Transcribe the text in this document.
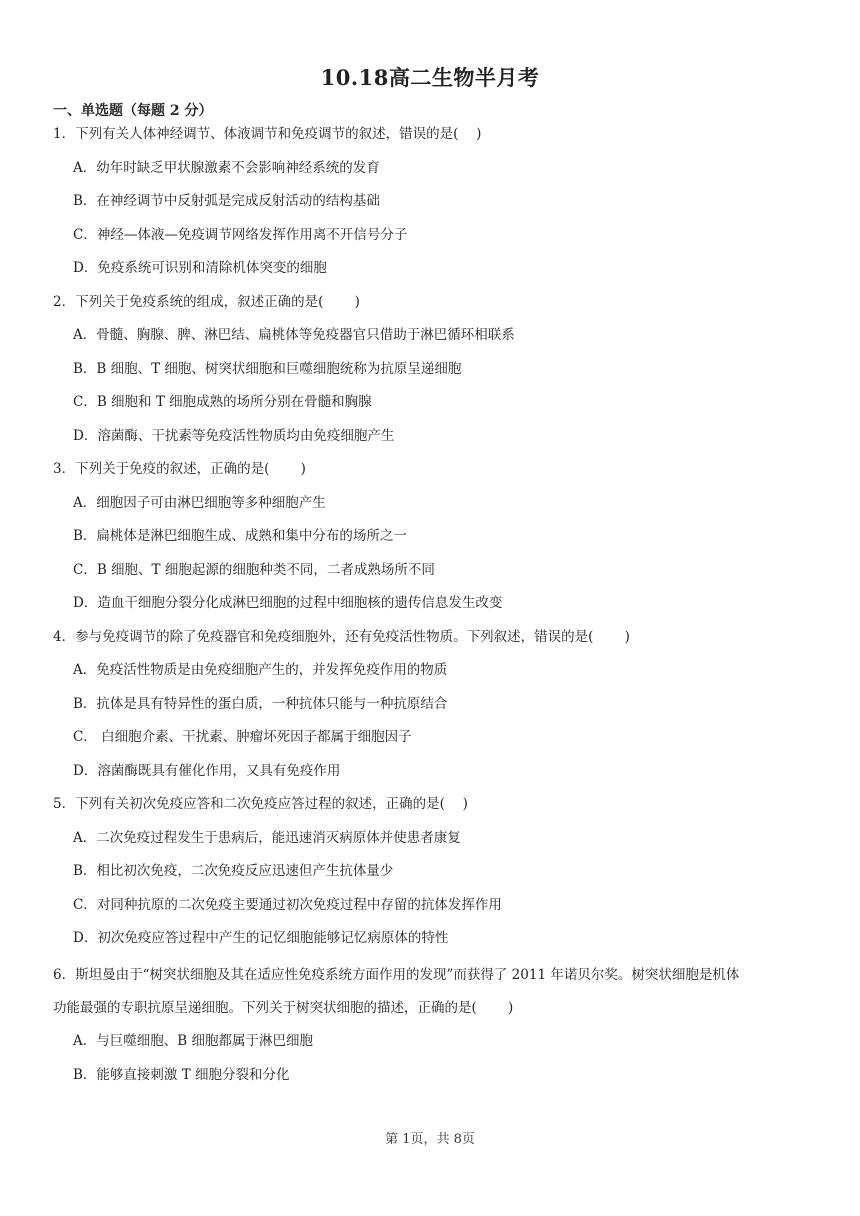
10.18高二生物半月考
一、单选题（每题 2 分）
1．下列有关人体神经调节、体液调节和免疫调节的叙述，错误的是(　 )
A．幼年时缺乏甲状腺激素不会影响神经系统的发育
B．在神经调节中反射弧是完成反射活动的结构基础
C．神经—体液—免疫调节网络发挥作用离不开信号分子
D．免疫系统可识别和清除机体突变的细胞
2．下列关于免疫系统的组成，叙述正确的是(　　 )
A．骨髓、胸腺、脾、淋巴结、扁桃体等免疫器官只借助于淋巴循环相联系
B．B 细胞、T 细胞、树突状细胞和巨噬细胞统称为抗原呈递细胞
C．B 细胞和 T 细胞成熟的场所分别在骨髓和胸腺
D．溶菌酶、干扰素等免疫活性物质均由免疫细胞产生
3．下列关于免疫的叙述，正确的是(　　 )
A．细胞因子可由淋巴细胞等多种细胞产生
B．扁桃体是淋巴细胞生成、成熟和集中分布的场所之一
C．B 细胞、T 细胞起源的细胞种类不同，二者成熟场所不同
D．造血干细胞分裂分化成淋巴细胞的过程中细胞核的遗传信息发生改变
4．参与免疫调节的除了免疫器官和免疫细胞外，还有免疫活性物质。下列叙述，错误的是(　　 )
A．免疫活性物质是由免疫细胞产生的，并发挥免疫作用的物质
B．抗体是具有特异性的蛋白质，一种抗体只能与一种抗原结合
C． 白细胞介素、干扰素、肿瘤坏死因子都属于细胞因子
D．溶菌酶既具有催化作用，又具有免疫作用
5．下列有关初次免疫应答和二次免疫应答过程的叙述，正确的是(　 )
A．二次免疫过程发生于患病后，能迅速消灭病原体并使患者康复
B．相比初次免疫，二次免疫反应迅速但产生抗体量少
C．对同种抗原的二次免疫主要通过初次免疫过程中存留的抗体发挥作用
D．初次免疫应答过程中产生的记忆细胞能够记忆病原体的特性
6．斯坦曼由于“树突状细胞及其在适应性免疫系统方面作用的发现”而获得了 2011 年诺贝尔奖。树突状细胞是机体
功能最强的专职抗原呈递细胞。下列关于树突状细胞的描述，正确的是(　　 )
A．与巨噬细胞、B 细胞都属于淋巴细胞
B．能够直接刺激 T 细胞分裂和分化
第 1页，共 8页
